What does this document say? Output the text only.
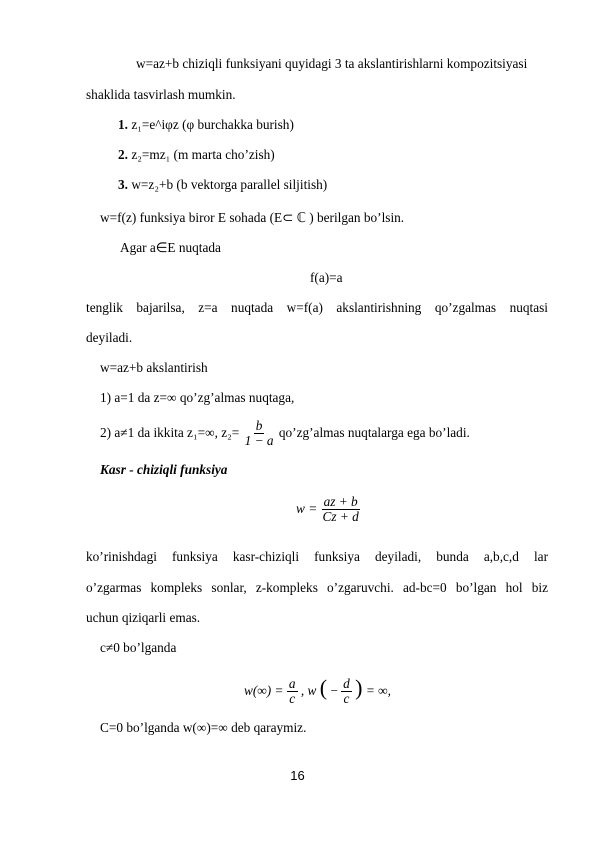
w=az+b chiziqli funksiyani quyidagi 3 ta akslantirishlarni kompozitsiyasi
shaklida tasvirlash mumkin.
1. z₁=e^iφz (φ burchakka burish)
2. z₂=mz₁ (m marta cho’zish)
3. w=z₂+b (b vektorga parallel siljitish)
w=f(z) funksiya biror E sohada (E⊂ ℂ ) berilgan bo’lsin.
Agar a∈E nuqtada
f(a)=a
tenglik bajarilsa, z=a nuqtada w=f(a) akslantirishning qo’zgalmas nuqtasi
deyiladi.
w=az+b akslantirish
1) a=1 da z=∞ qo’zg’almas nuqtaga,
2) a≠1 da ikkita z₁=∞, $z_2= \frac{b}{1 - a}$ qo’zg’almas nuqtalarga ega bo’ladi.
Kasr - chiziqli funksiya
$w = \frac{az + b}{Cz + d}$
ko’rinishdagi funksiya kasr-chiziqli funksiya deyiladi, bunda a,b,c,d lar
o’zgarmas kompleks sonlar, z-kompleks o’zgaruvchi. ad-bc=0 bo’lgan hol biz
uchun qiziqarli emas.
c≠0 bo’lganda
$w(\infty) = \frac{a}{c}$ , w ( − $\frac{d}{c}$ ) = ∞,
C=0 bo’lganda w(∞)=∞ deb qaraymiz.
16
